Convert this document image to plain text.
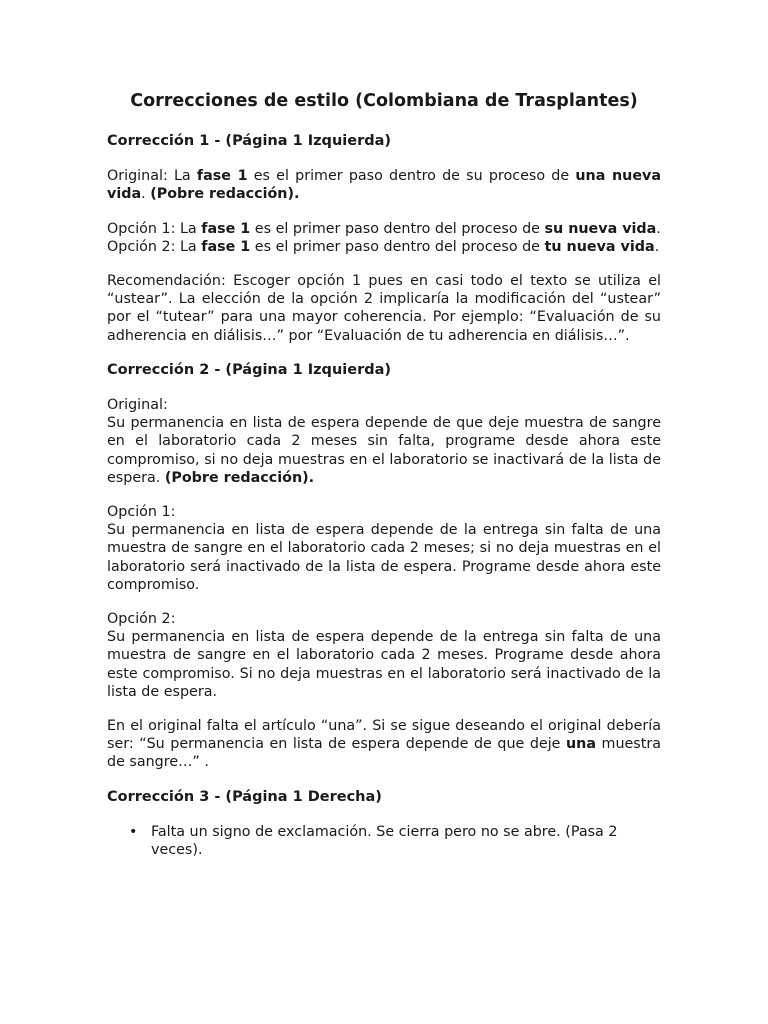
Correcciones de estilo (Colombiana de Trasplantes)

Corrección 1 - (Página 1 Izquierda)

Original: La fase 1 es el primer paso dentro de su proceso de una nueva vida. (Pobre redacción).

Opción 1: La fase 1 es el primer paso dentro del proceso de su nueva vida.

Opción 2: La fase 1 es el primer paso dentro del proceso de tu nueva vida.

Recomendación: Escoger opción 1 pues en casi todo el texto se utiliza el “ustear”. La elección de la opción 2 implicaría la modificación del “ustear” por el “tutear” para una mayor coherencia. Por ejemplo: “Evaluación de su adherencia en diálisis…” por “Evaluación de tu adherencia en diálisis…”.

Corrección 2 - (Página 1 Izquierda)

Original:

Su permanencia en lista de espera depende de que deje muestra de sangre en el laboratorio cada 2 meses sin falta, programe desde ahora este compromiso, si no deja muestras en el laboratorio se inactivará de la lista de espera. (Pobre redacción).

Opción 1:

Su permanencia en lista de espera depende de la entrega sin falta de una muestra de sangre en el laboratorio cada 2 meses; si no deja muestras en el laboratorio será inactivado de la lista de espera. Programe desde ahora este compromiso.

Opción 2:

Su permanencia en lista de espera depende de la entrega sin falta de una muestra de sangre en el laboratorio cada 2 meses. Programe desde ahora este compromiso. Si no deja muestras en el laboratorio será inactivado de la lista de espera.

En el original falta el artículo “una”. Si se sigue deseando el original debería ser: “Su permanencia en lista de espera depende de que deje una muestra de sangre…” .

Corrección 3 - (Página 1 Derecha)

• Falta un signo de exclamación. Se cierra pero no se abre. (Pasa 2 veces).
